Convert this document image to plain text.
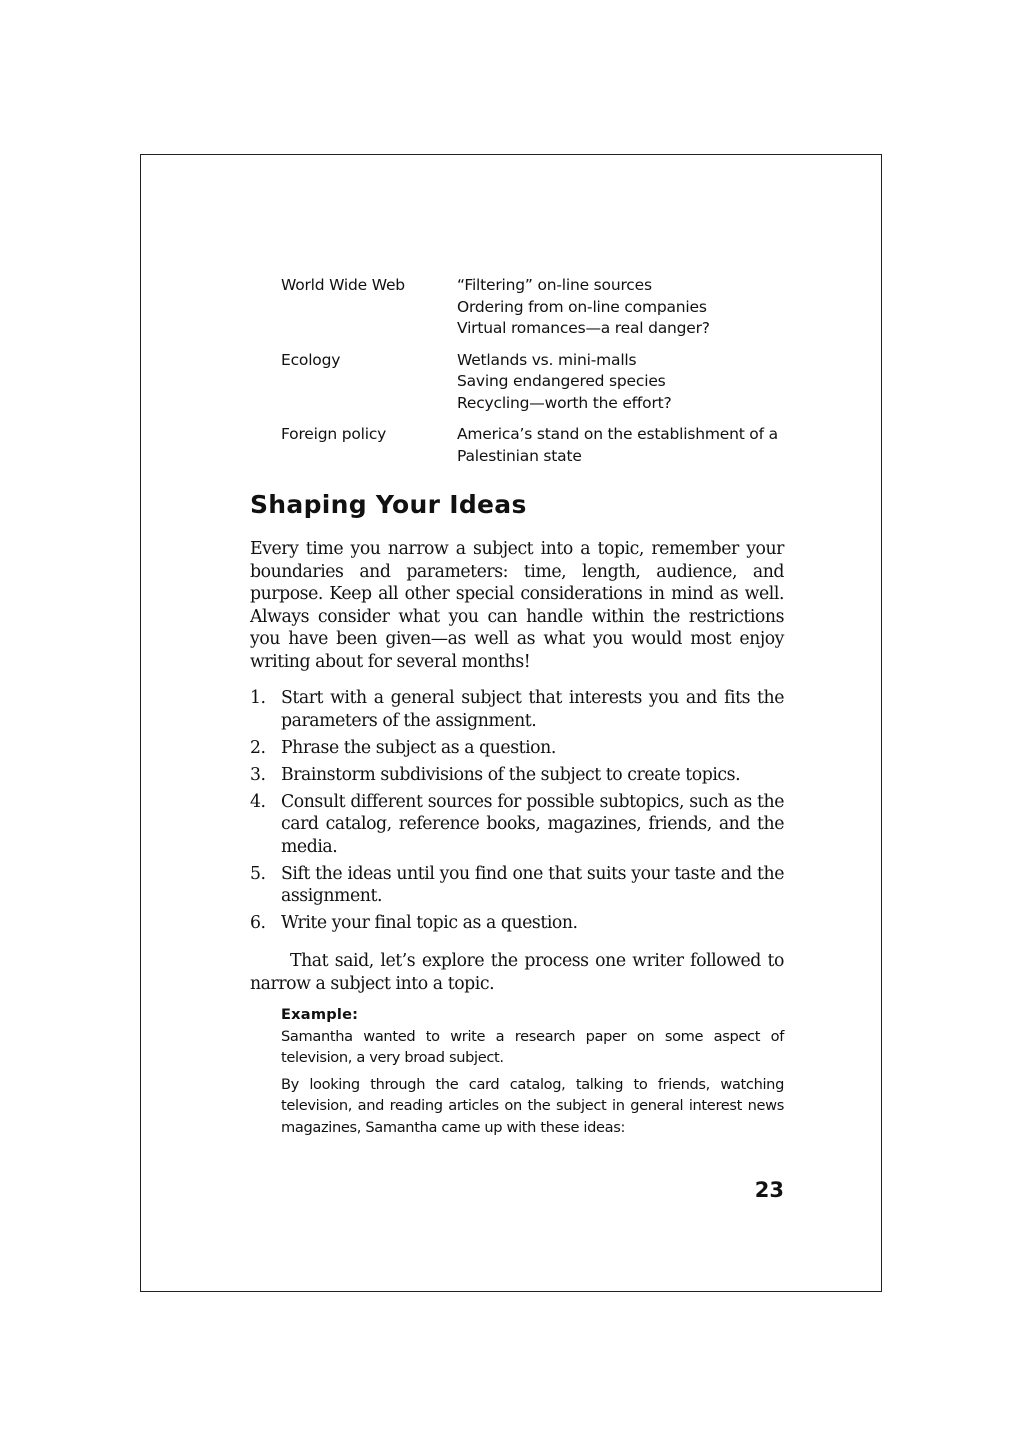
World Wide Web	“Filtering” on-line sources
Ordering from on-line companies
Virtual romances—a real danger?
Ecology	Wetlands vs. mini-malls
Saving endangered species
Recycling—worth the effort?
Foreign policy	America’s stand on the establishment of a
Palestinian state
Shaping Your Ideas

Every time you narrow a subject into a topic, remember your boundaries and parameters: time, length, audience, and purpose. Keep all other special considerations in mind as well. Always consider what you can handle within the restrictions you have been given—as well as what you would most enjoy writing about for several months!

1. Start with a general subject that interests you and fits the parameters of the assignment.
2. Phrase the subject as a question.
3. Brainstorm subdivisions of the subject to create topics.
4. Consult different sources for possible subtopics, such as the card catalog, reference books, magazines, friends, and the media.
5. Sift the ideas until you find one that suits your taste and the assignment.
6. Write your final topic as a question.

That said, let’s explore the process one writer followed to narrow a subject into a topic.

Example:

Samantha wanted to write a research paper on some aspect of television, a very broad subject.

By looking through the card catalog, talking to friends, watching television, and reading articles on the subject in general interest news magazines, Samantha came up with these ideas:

23
